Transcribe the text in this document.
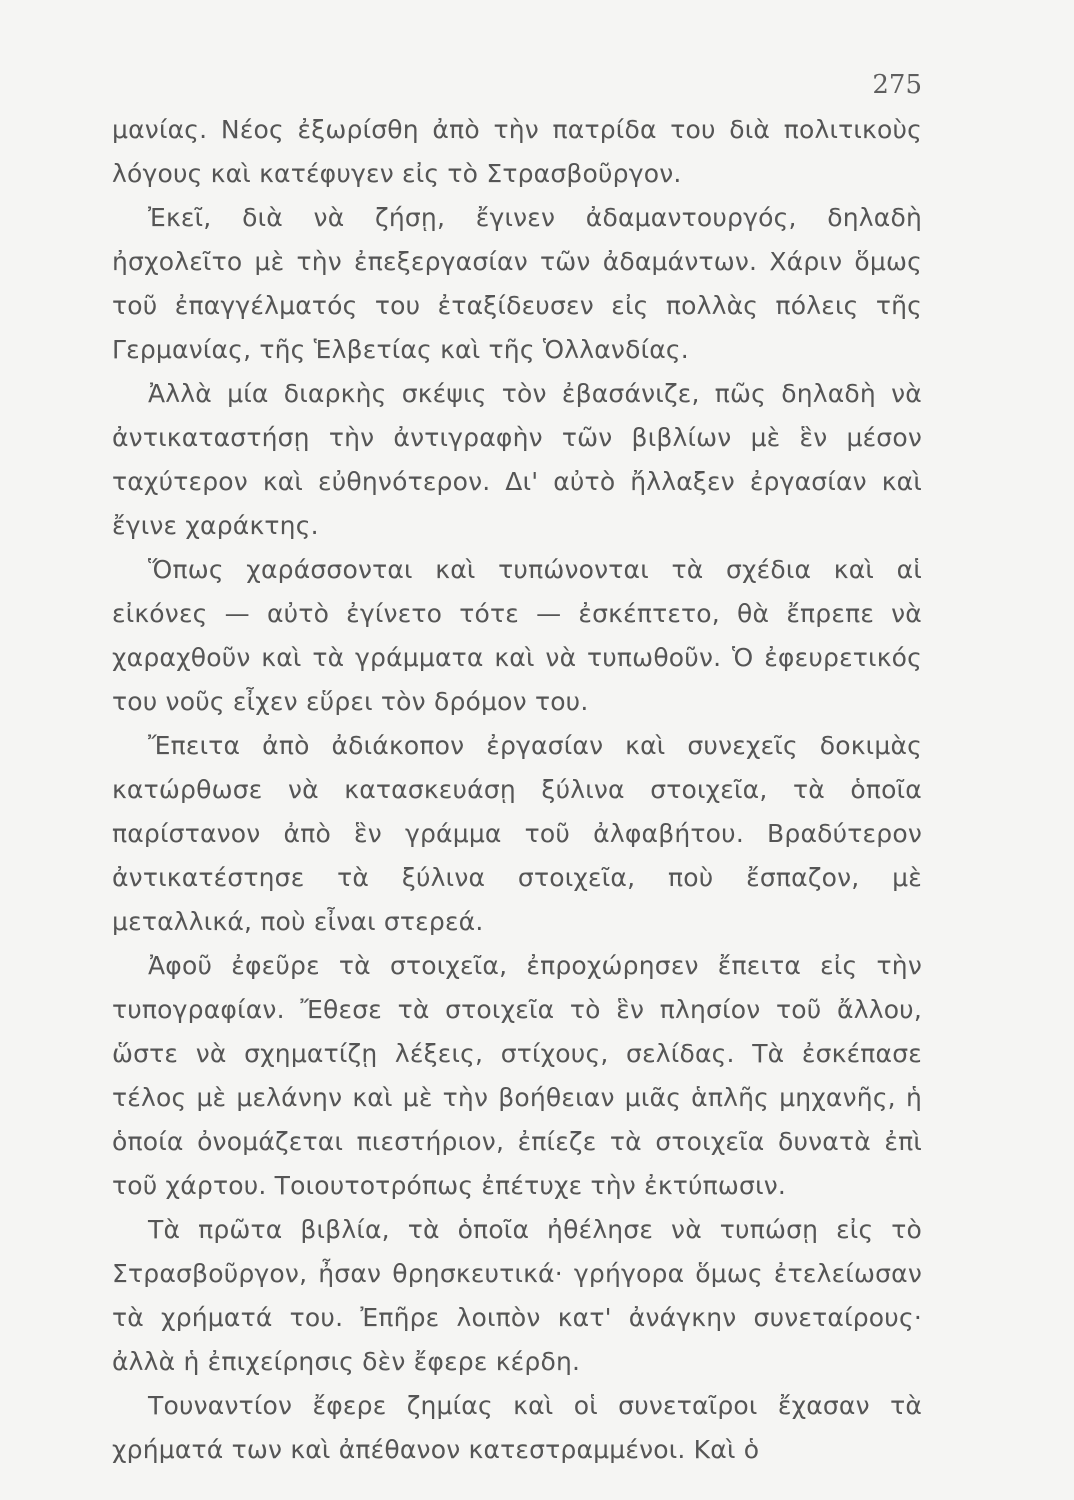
275

μανίας. Νέος ἐξωρίσθη ἀπὸ τὴν πατρίδα του διὰ πολιτικοὺς λόγους καὶ κατέφυγεν εἰς τὸ Στρασβοῦργον.

Ἐκεῖ, διὰ νὰ ζήσῃ, ἔγινεν ἀδαμαντουργός, δηλαδὴ ἠσχολεῖτο μὲ τὴν ἐπεξεργασίαν τῶν ἀδαμάντων. Χάριν ὅμως τοῦ ἐπαγγέλματός του ἐταξίδευσεν εἰς πολλὰς πόλεις τῆς Γερμανίας, τῆς Ἑλβετίας καὶ τῆς Ὁλλανδίας.

Ἀλλὰ μία διαρκὴς σκέψις τὸν ἐβασάνιζε, πῶς δηλαδὴ νὰ ἀντικαταστήσῃ τὴν ἀντιγραφὴν τῶν βιβλίων μὲ ἓν μέσον ταχύτερον καὶ εὐθηνότερον. Δι' αὐτὸ ἤλλαξεν ἐργασίαν καὶ ἔγινε χαράκτης.

Ὅπως χαράσσονται καὶ τυπώνονται τὰ σχέδια καὶ αἱ εἰκόνες — αὐτὸ ἐγίνετο τότε — ἐσκέπτετο, θὰ ἔπρεπε νὰ χαραχθοῦν καὶ τὰ γράμματα καὶ νὰ τυπωθοῦν. Ὁ ἐφευρετικός του νοῦς εἶχεν εὕρει τὸν δρόμον του.

Ἔπειτα ἀπὸ ἀδιάκοπον ἐργασίαν καὶ συνεχεῖς δοκιμὰς κατώρθωσε νὰ κατασκευάσῃ ξύλινα στοιχεῖα, τὰ ὁποῖα παρίστανον ἀπὸ ἓν γράμμα τοῦ ἀλφαβήτου. Βραδύτερον ἀντικατέστησε τὰ ξύλινα στοιχεῖα, ποὺ ἔσπαζον, μὲ μεταλλικά, ποὺ εἶναι στερεά.

Ἀφοῦ ἐφεῦρε τὰ στοιχεῖα, ἐπροχώρησεν ἔπειτα εἰς τὴν τυπογραφίαν. Ἔθεσε τὰ στοιχεῖα τὸ ἓν πλησίον τοῦ ἄλλου, ὥστε νὰ σχηματίζῃ λέξεις, στίχους, σελίδας. Τὰ ἐσκέπασε τέλος μὲ μελάνην καὶ μὲ τὴν βοήθειαν μιᾶς ἁπλῆς μηχανῆς, ἡ ὁποία ὀνομάζεται πιεστήριον, ἐπίεζε τὰ στοιχεῖα δυνατὰ ἐπὶ τοῦ χάρτου. Τοιουτοτρόπως ἐπέτυχε τὴν ἐκτύπωσιν.

Τὰ πρῶτα βιβλία, τὰ ὁποῖα ἠθέλησε νὰ τυπώσῃ εἰς τὸ Στρασβοῦργον, ἦσαν θρησκευτικά· γρήγορα ὅμως ἐτελείωσαν τὰ χρήματά του. Ἐπῆρε λοιπὸν κατ' ἀνάγκην συνεταίρους· ἀλλὰ ἡ ἐπιχείρησις δὲν ἔφερε κέρδη.

Τουναντίον ἔφερε ζημίας καὶ οἱ συνεταῖροι ἔχασαν τὰ χρήματά των καὶ ἀπέθανον κατεστραμμένοι. Καὶ ὁ
